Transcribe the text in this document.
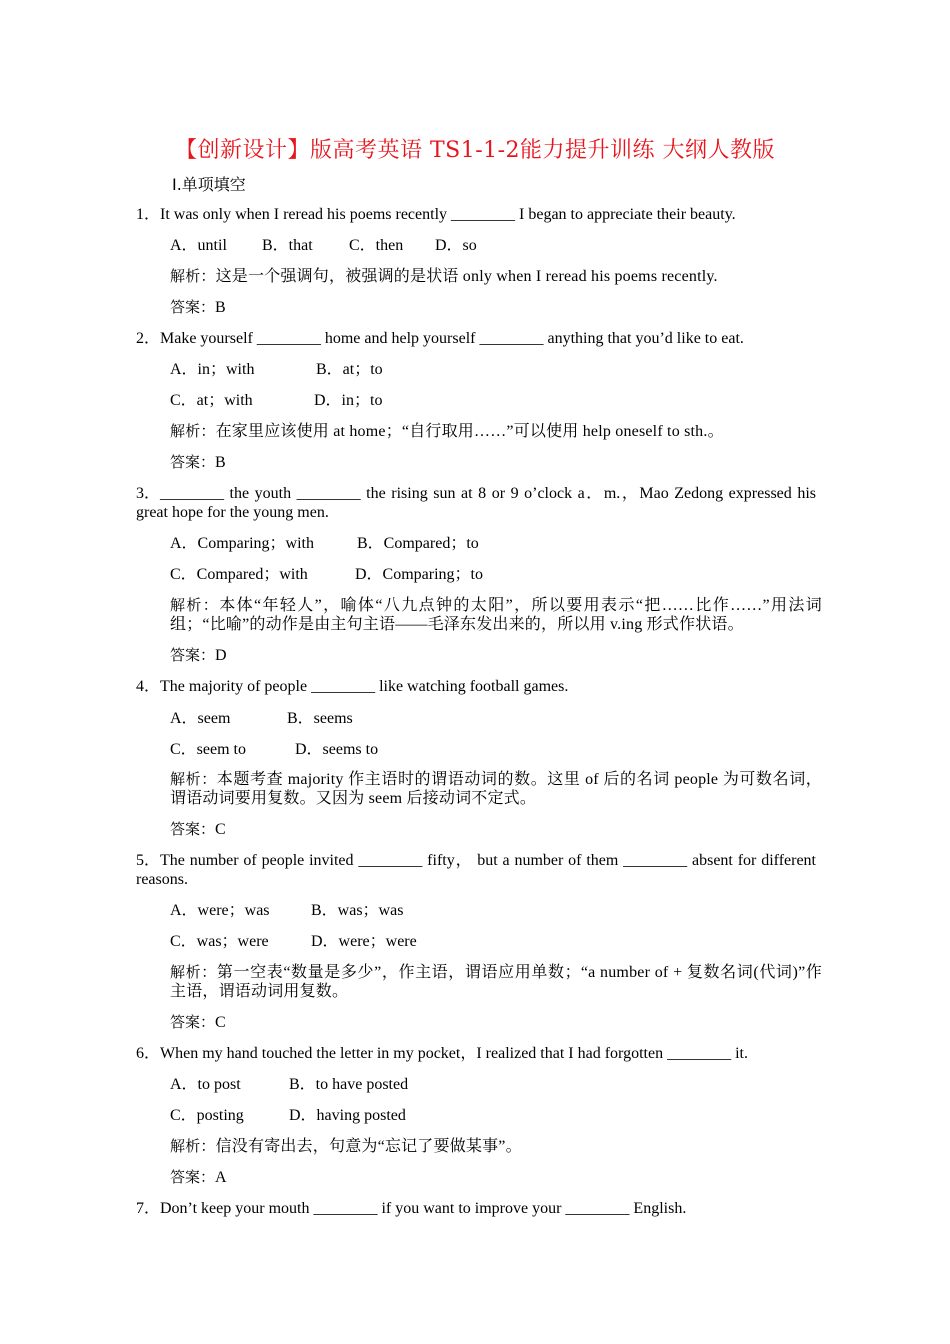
【创新设计】版高考英语 TS1-1-2能力提升训练 大纲人教版
Ⅰ.单项填空
1．It was only when I reread his poems recently ________ I began to appreciate their beauty.
A．until B．that C．then D．so
解析：这是一个强调句，被强调的是状语 only when I reread his poems recently.
答案：B
2．Make yourself ________ home and help yourself ________ anything that you’d like to eat.
A．in；with	B．at；to
C．at；with	D．in；to
解析：在家里应该使用 at home；“自行取用……”可以使用 help oneself to sth.。
答案：B
3．________ the youth ________ the rising sun at 8 or 9 o’clock a．m.，Mao Zedong expressed his great hope for the young men.
A．Comparing；with	B．Compared；to
C．Compared；with	D．Comparing；to
解析：本体“年轻人”，喻体“八九点钟的太阳”，所以要用表示“把……比作……”用法词组；“比喻”的动作是由主句主语——毛泽东发出来的，所以用 v.ing 形式作状语。
答案：D
4．The majority of people ________ like watching football games.
A．seem	B．seems
C．seem to	D．seems to
解析：本题考查 majority 作主语时的谓语动词的数。这里 of 后的名词 people 为可数名词，谓语动词要用复数。又因为 seem 后接动词不定式。
答案：C
5．The number of people invited ________ fifty， but a number of them ________ absent for different reasons.
A．were；was	B．was；was
C．was；were	D．were；were
解析：第一空表“数量是多少”，作主语，谓语应用单数；“a number of + 复数名词(代词)”作主语，谓语动词用复数。
答案：C
6．When my hand touched the letter in my pocket，I realized that I had forgotten ________ it.
A．to post	B．to have posted
C．posting	D．having posted
解析：信没有寄出去，句意为“忘记了要做某事”。
答案：A
7．Don’t keep your mouth ________ if you want to improve your ________ English.
